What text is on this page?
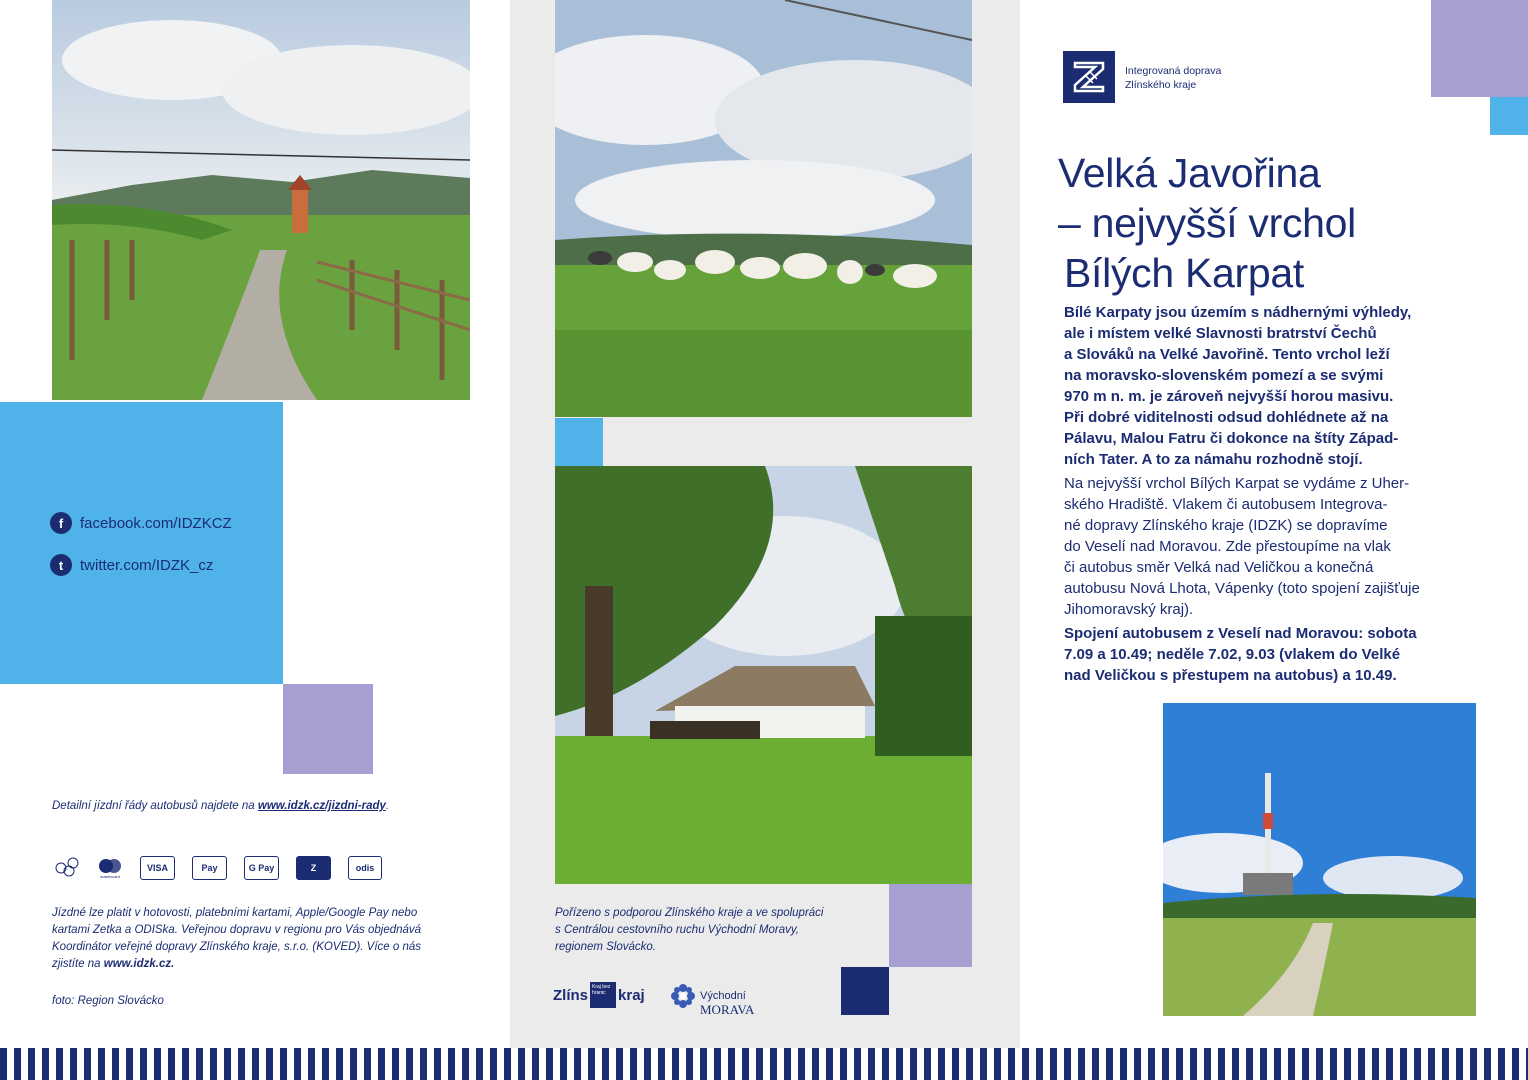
f	facebook.com/IDZKCZ
t	twitter.com/IDZK_cz
Detailní jízdní řády autobusů najdete na www.idzk.cz/jizdni-rady.
mastercard
VISA	Pay	G Pay	Z	odis
Jízdné lze platit v hotovosti, platebními kartami, Apple/Google Pay nebo
kartami Zetka a ODISka. Veřejnou dopravu v regionu pro Vás objednává
Koordinátor veřejné dopravy Zlínského kraje, s.r.o. (KOVED). Více o nás
zjistíte na www.idzk.cz.
foto: Region Slovácko
Pořízeno s podporou Zlínského kraje a ve spolupráci
s Centrálou cestovního ruchu Východní Moravy,
regionem Slovácko.
Zlíns Kraj bez hranic kraj	Východní
MORAVA
Integrovaná doprava
Zlínského kraje
Velká Javořina
– nejvyšší vrchol
Bílých Karpat
Bílé Karpaty jsou územím s nádhernými výhledy,
ale i místem velké Slavnosti bratrství Čechů
a Slováků na Velké Javořině. Tento vrchol leží
na moravsko-slovenském pomezí a se svými
970 m n. m. je zároveň nejvyšší horou masivu.
Při dobré viditelnosti odsud dohlédnete až na
Pálavu, Malou Fatru či dokonce na štíty Západ-
ních Tater. A to za námahu rozhodně stojí.
Na nejvyšší vrchol Bílých Karpat se vydáme z Uher-
ského Hradiště. Vlakem či autobusem Integrova-
né dopravy Zlínského kraje (IDZK) se dopravíme
do Veselí nad Moravou. Zde přestoupíme na vlak
či autobus směr Velká nad Veličkou a konečná
autobusu Nová Lhota, Vápenky (toto spojení zajišťuje
Jihomoravský kraj).
Spojení autobusem z Veselí nad Moravou: sobota
7.09 a 10.49; neděle 7.02, 9.03 (vlakem do Velké
nad Veličkou s přestupem na autobus) a 10.49.
